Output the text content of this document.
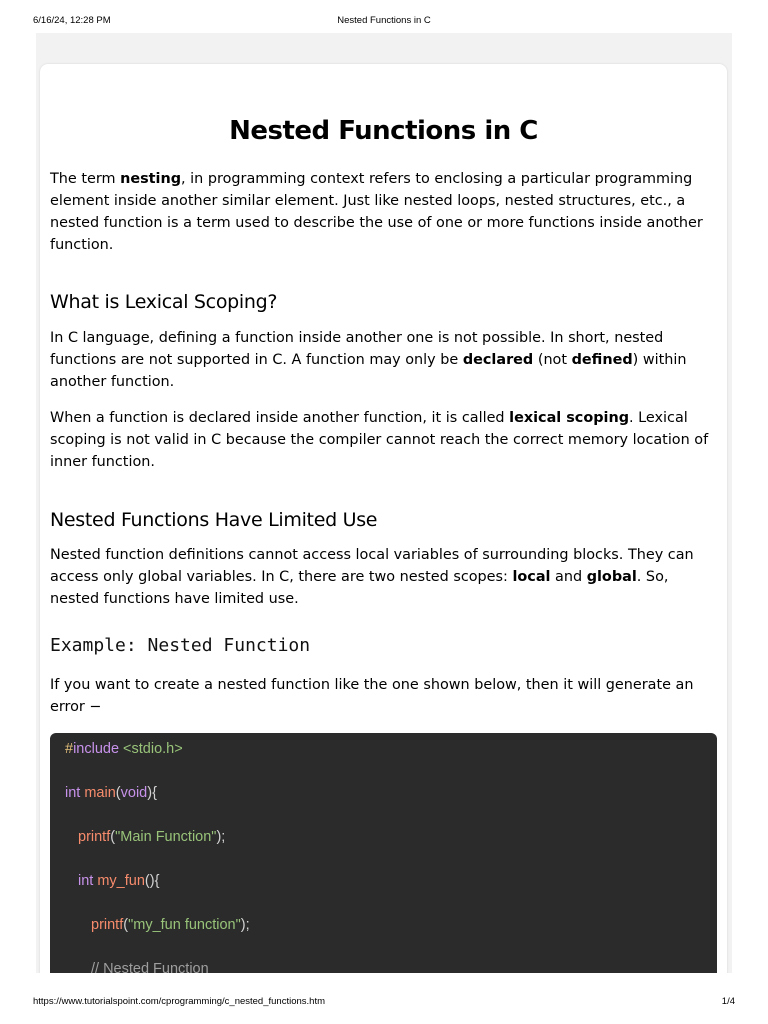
6/16/24, 12:28 PM	Nested Functions in C
Nested Functions in C

The term nesting, in programming context refers to enclosing a particular programming element inside another similar element. Just like nested loops, nested structures, etc., a nested function is a term used to describe the use of one or more functions inside another function.

What is Lexical Scoping?

In C language, defining a function inside another one is not possible. In short, nested functions are not supported in C. A function may only be declared (not defined) within another function.

When a function is declared inside another function, it is called lexical scoping. Lexical scoping is not valid in C because the compiler cannot reach the correct memory location of inner function.

Nested Functions Have Limited Use

Nested function definitions cannot access local variables of surrounding blocks. They can access only global variables. In C, there are two nested scopes: local and global. So, nested functions have limited use.

Example: Nested Function

If you want to create a nested function like the one shown below, then it will generate an error −

#include <stdio.h>
int main(void){
printf("Main Function");
int my_fun(){
printf("my_fun function");
// Nested Function
https://www.tutorialspoint.com/cprogramming/c_nested_functions.htm	1/4
